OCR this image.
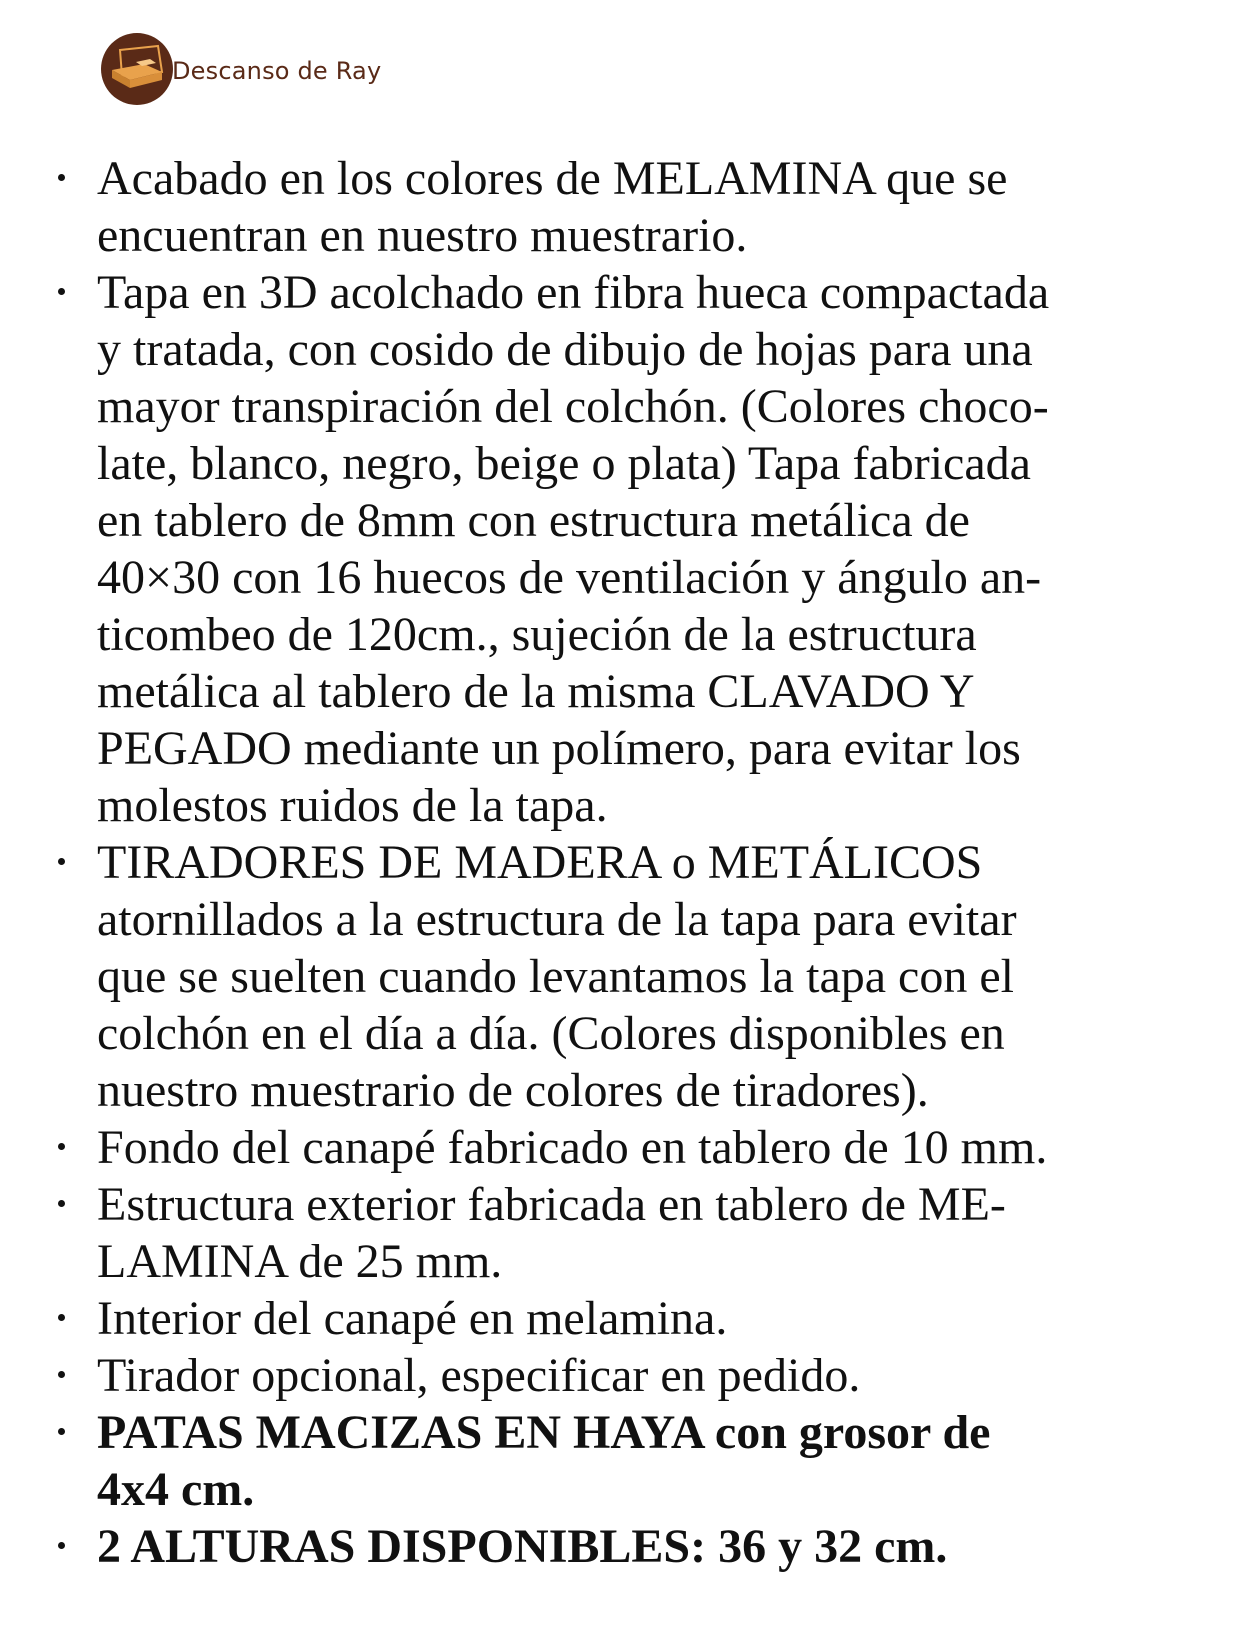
Descanso de Ray
Acabado en los colores de MELAMINA que se
encuentran en nuestro muestrario.
Tapa en 3D acolchado en fibra hueca compactada
y tratada, con cosido de dibujo de hojas para una
mayor transpiración del colchón. (Colores choco-
late, blanco, negro, beige o plata) Tapa fabricada
en tablero de 8mm con estructura metálica de
40×30 con 16 huecos de ventilación y ángulo an-
ticombeo de 120cm., sujeción de la estructura
metálica al tablero de la misma CLAVADO Y
PEGADO mediante un polímero, para evitar los
molestos ruidos de la tapa.
TIRADORES DE MADERA o METÁLICOS
atornillados a la estructura de la tapa para evitar
que se suelten cuando levantamos la tapa con el
colchón en el día a día. (Colores disponibles en
nuestro muestrario de colores de tiradores).
Fondo del canapé fabricado en tablero de 10 mm.
Estructura exterior fabricada en tablero de ME-
LAMINA de 25 mm.
Interior del canapé en melamina.
Tirador opcional, especificar en pedido.
PATAS MACIZAS EN HAYA con grosor de
4x4 cm.
2 ALTURAS DISPONIBLES: 36 y 32 cm.
